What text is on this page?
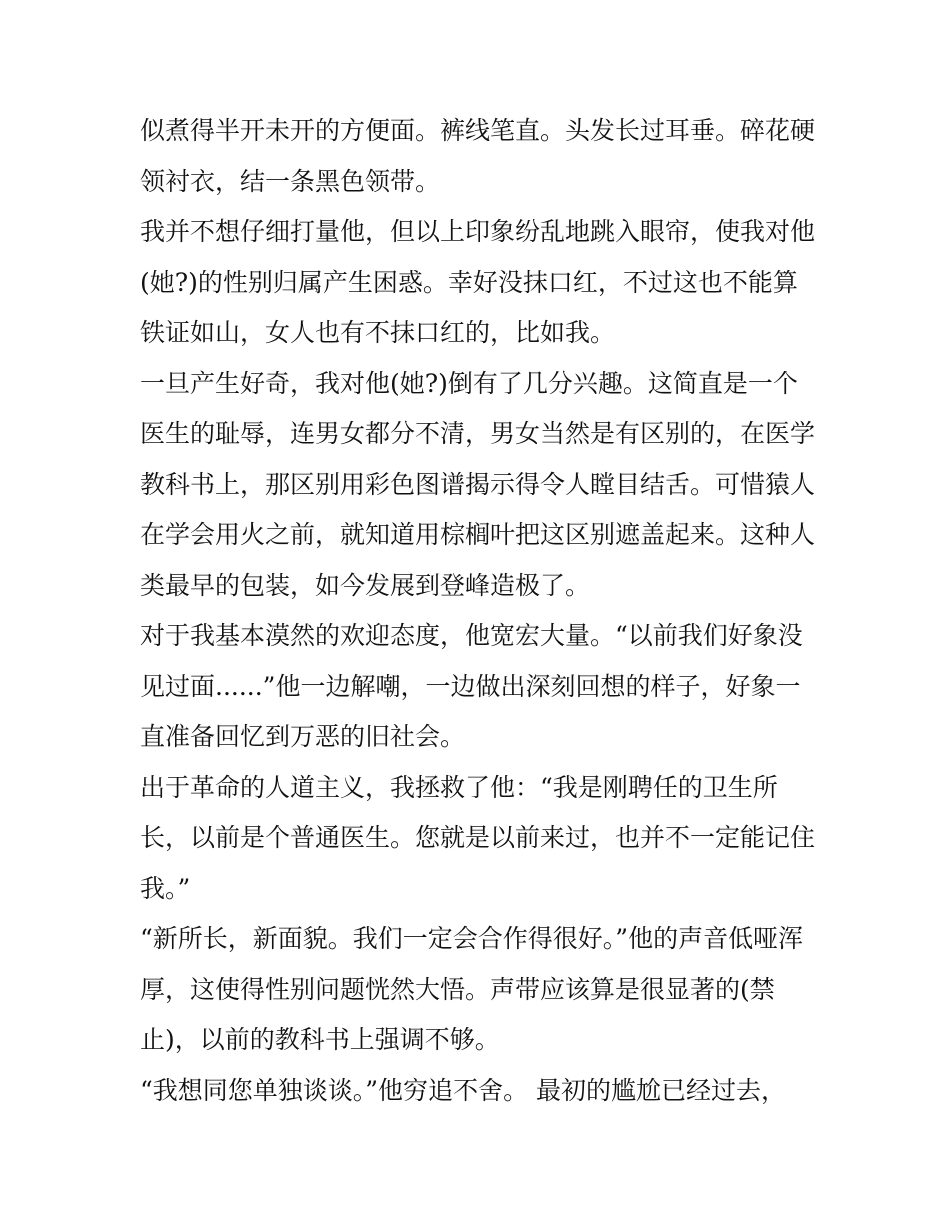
似煮得半开未开的方便面。裤线笔直。头发长过耳垂。碎花硬
领衬衣，结一条黑色领带。
我并不想仔细打量他，但以上印象纷乱地跳入眼帘，使我对他
(她?)的性别归属产生困惑。幸好没抹口红，不过这也不能算
铁证如山，女人也有不抹口红的，比如我。
一旦产生好奇，我对他(她?)倒有了几分兴趣。这简直是一个
医生的耻辱，连男女都分不清，男女当然是有区别的，在医学
教科书上，那区别用彩色图谱揭示得令人瞠目结舌。可惜猿人
在学会用火之前，就知道用棕榈叶把这区别遮盖起来。这种人
类最早的包装，如今发展到登峰造极了。
对于我基本漠然的欢迎态度，他宽宏大量。“以前我们好象没
见过面......”他一边解嘲，一边做出深刻回想的样子，好象一
直准备回忆到万恶的旧社会。
出于革命的人道主义，我拯救了他：“我是刚聘任的卫生所
长，以前是个普通医生。您就是以前来过，也并不一定能记住
我。”
“新所长，新面貌。我们一定会合作得很好。”他的声音低哑浑
厚，这使得性别问题恍然大悟。声带应该算是很显著的(禁
止)，以前的教科书上强调不够。
“我想同您单独谈谈。”他穷追不舍。 最初的尴尬已经过去，
